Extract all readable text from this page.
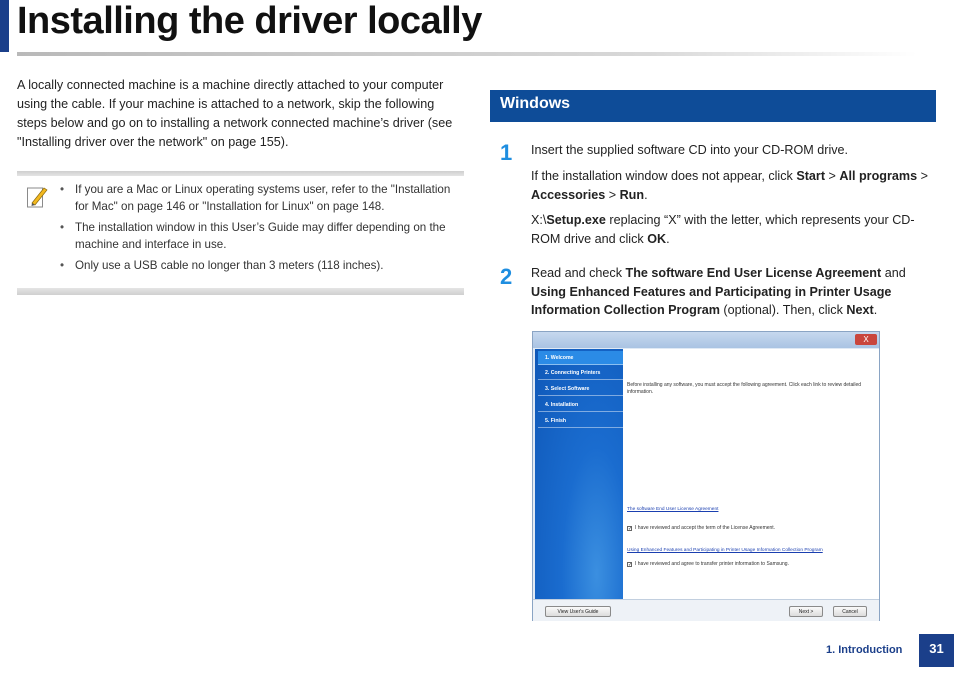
Installing the driver locally

A locally connected machine is a machine directly attached to your computer using the cable. If your machine is attached to a network, skip the following steps below and go on to installing a network connected machine’s driver (see "Installing driver over the network" on page 155).

• If you are a Mac or Linux operating systems user, refer to the "Installation for Mac" on page 146 or "Installation for Linux" on page 148.
• The installation window in this User’s Guide may differ depending on the machine and interface in use.
• Only use a USB cable no longer than 3 meters (118 inches).
Windows
1 Insert the supplied software CD into your CD-ROM drive.

If the installation window does not appear, click Start > All programs > Accessories > Run.

X:\Setup.exe replacing “X” with the letter, which represents your CD-ROM drive and click OK.

2 Read and check The software End User License Agreement and Using Enhanced Features and Participating in Printer Usage Information Collection Program (optional). Then, click Next.

X
1. Welcome
2. Connecting Printers
3. Select Software
4. Installation
5. Finish

Before installing any software, you must accept the following agreement. Click each link to review detailed information.

The software End User License Agreement

✓ I have reviewed and accept the term of the License Agreement.

Using Enhanced Features and Participating in Printer Usage Information Collection Program

✓ I have reviewed and agree to transfer printer information to Samsung.

View User's Guide	Next >	Cancel
1. Introduction	31
